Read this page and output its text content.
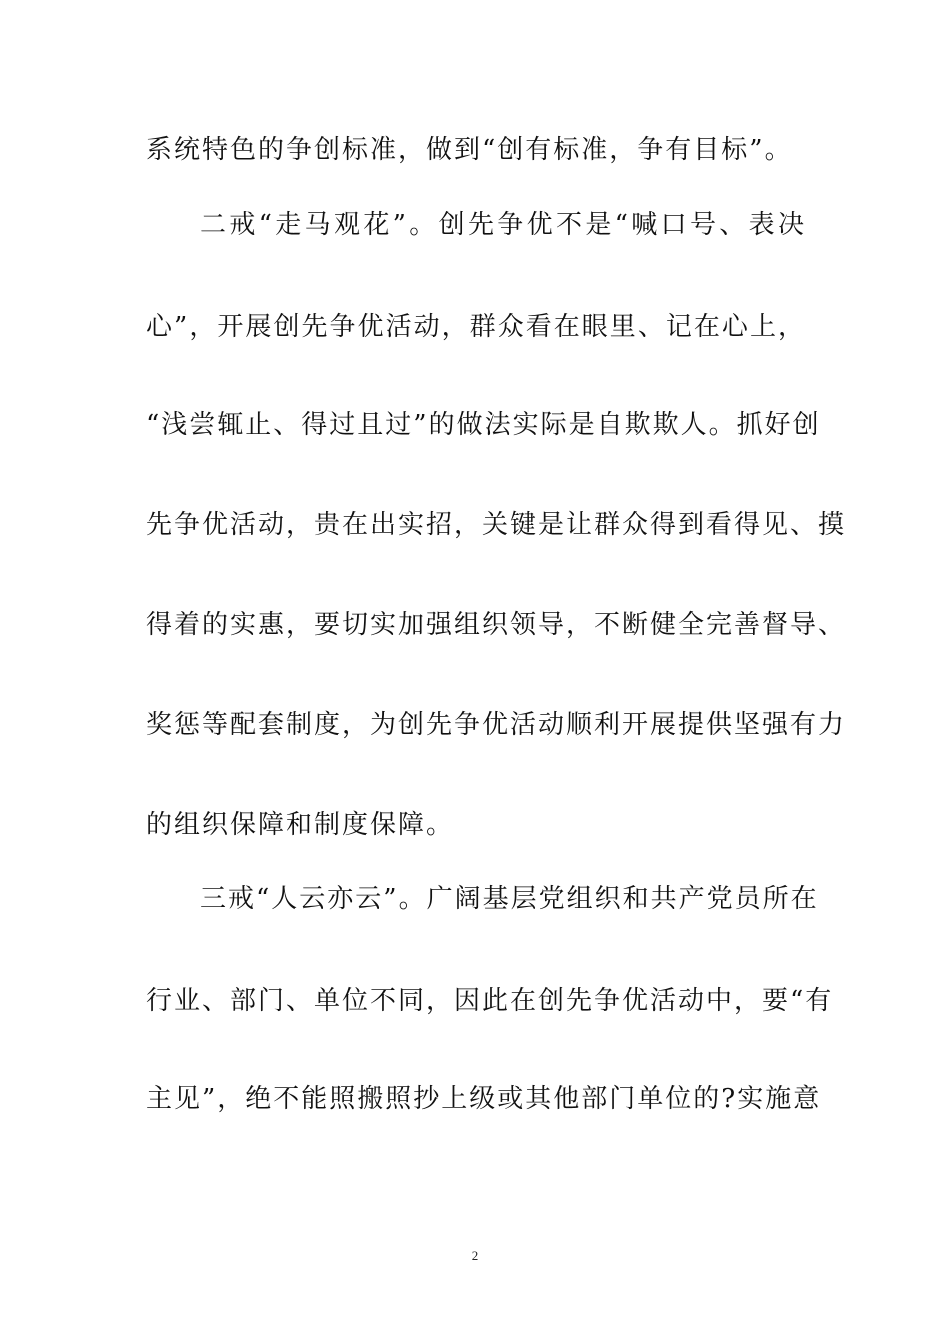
系统特色的争创标准，做到“创有标准，争有目标”。
二戒“走马观花”。创先争优不是“喊口号、表决
心”，开展创先争优活动，群众看在眼里、记在心上，
“浅尝辄止、得过且过”的做法实际是自欺欺人。抓好创
先争优活动，贵在出实招，关键是让群众得到看得见、摸
得着的实惠，要切实加强组织领导，不断健全完善督导、
奖惩等配套制度，为创先争优活动顺利开展提供坚强有力
的组织保障和制度保障。
三戒“人云亦云”。广阔基层党组织和共产党员所在
行业、部门、单位不同，因此在创先争优活动中，要“有
主见”，绝不能照搬照抄上级或其他部门单位的?实施意
2
